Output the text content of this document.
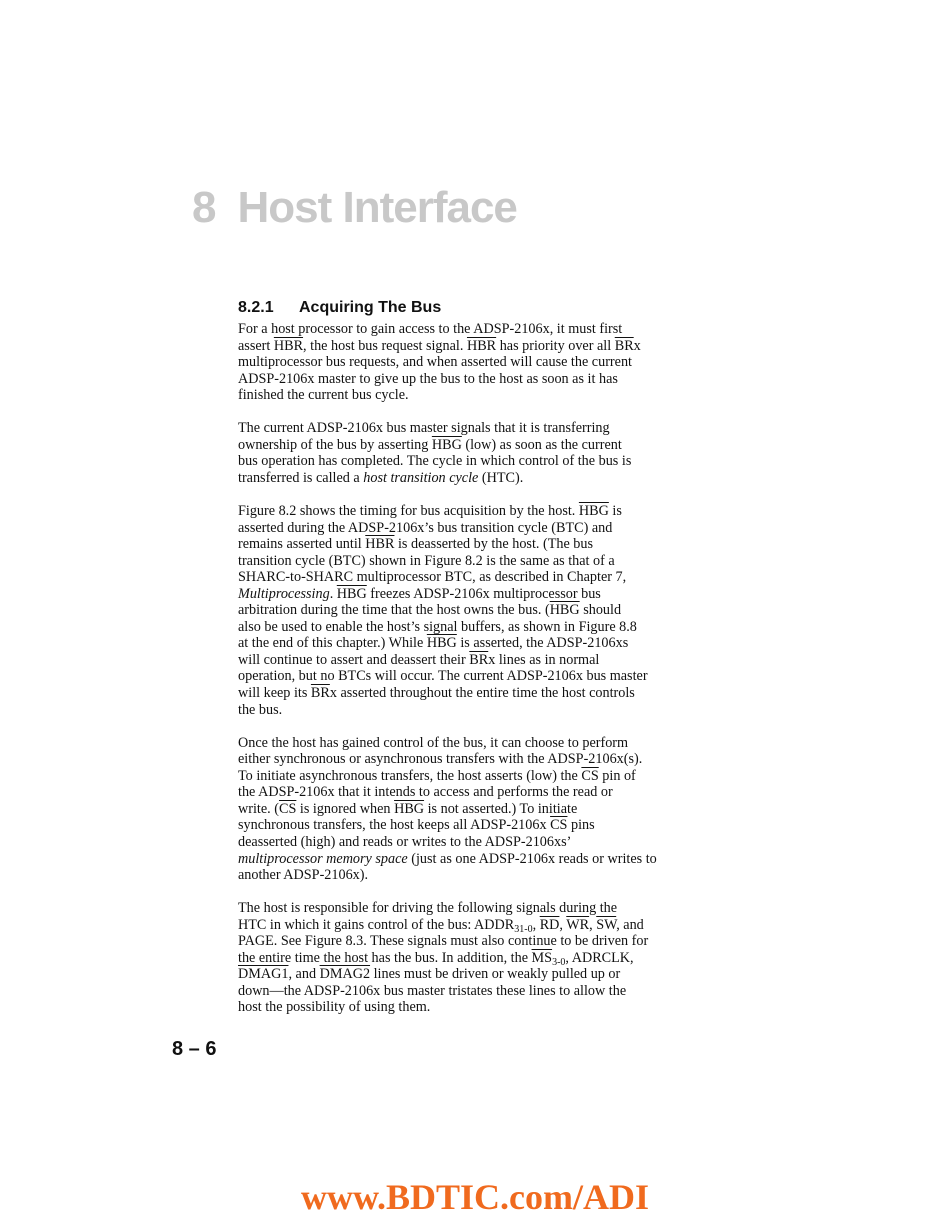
8 Host Interface
8.2.1 Acquiring The Bus

For a host processor to gain access to the ADSP-2106x, it must first
assert $\overline{HBR}$, the host bus request signal. $\overline{HBR}$ has priority over all $\overline{BR}x$
multiprocessor bus requests, and when asserted will cause the current
ADSP-2106x master to give up the bus to the host as soon as it has
finished the current bus cycle.

The current ADSP-2106x bus master signals that it is transferring
ownership of the bus by asserting $\overline{HBG}$ (low) as soon as the current
bus operation has completed. The cycle in which control of the bus is
transferred is called a host transition cycle (HTC).

Figure 8.2 shows the timing for bus acquisition by the host. $\overline{HBG}$ is
asserted during the ADSP-2106x’s bus transition cycle (BTC) and
remains asserted until $\overline{HBR}$ is deasserted by the host. (The bus
transition cycle (BTC) shown in Figure 8.2 is the same as that of a
SHARC-to-SHARC multiprocessor BTC, as described in Chapter 7,
Multiprocessing. $\overline{HBG}$ freezes ADSP-2106x multiprocessor bus
arbitration during the time that the host owns the bus. ($\overline{HBG}$ should
also be used to enable the host’s signal buffers, as shown in Figure 8.8
at the end of this chapter.) While $\overline{HBG}$ is asserted, the ADSP-2106xs
will continue to assert and deassert their $\overline{BR}x$ lines as in normal
operation, but no BTCs will occur. The current ADSP-2106x bus master
will keep its $\overline{BR}x$ asserted throughout the entire time the host controls
the bus.

Once the host has gained control of the bus, it can choose to perform
either synchronous or asynchronous transfers with the ADSP-2106x(s).
To initiate asynchronous transfers, the host asserts (low) the $\overline{CS}$ pin of
the ADSP-2106x that it intends to access and performs the read or
write. ($\overline{CS}$ is ignored when $\overline{HBG}$ is not asserted.) To initiate
synchronous transfers, the host keeps all ADSP-2106x $\overline{CS}$ pins
deasserted (high) and reads or writes to the ADSP-2106xs’
multiprocessor memory space (just as one ADSP-2106x reads or writes to
another ADSP-2106x).

The host is responsible for driving the following signals during the
HTC in which it gains control of the bus: $ADDR_{31-0}$, $\overline{RD}$, $\overline{WR}$, $\overline{SW}$, and
PAGE. See Figure 8.3. These signals must also continue to be driven for
the entire time the host has the bus. In addition, the $\overline{MS}_{3-0}$, ADRCLK,
DMAG1, and DMAG2 lines must be driven or weakly pulled up or
down—the ADSP-2106x bus master tristates these lines to allow the
host the possibility of using them.

8 – 6
www.BDTIC.com/ADI
